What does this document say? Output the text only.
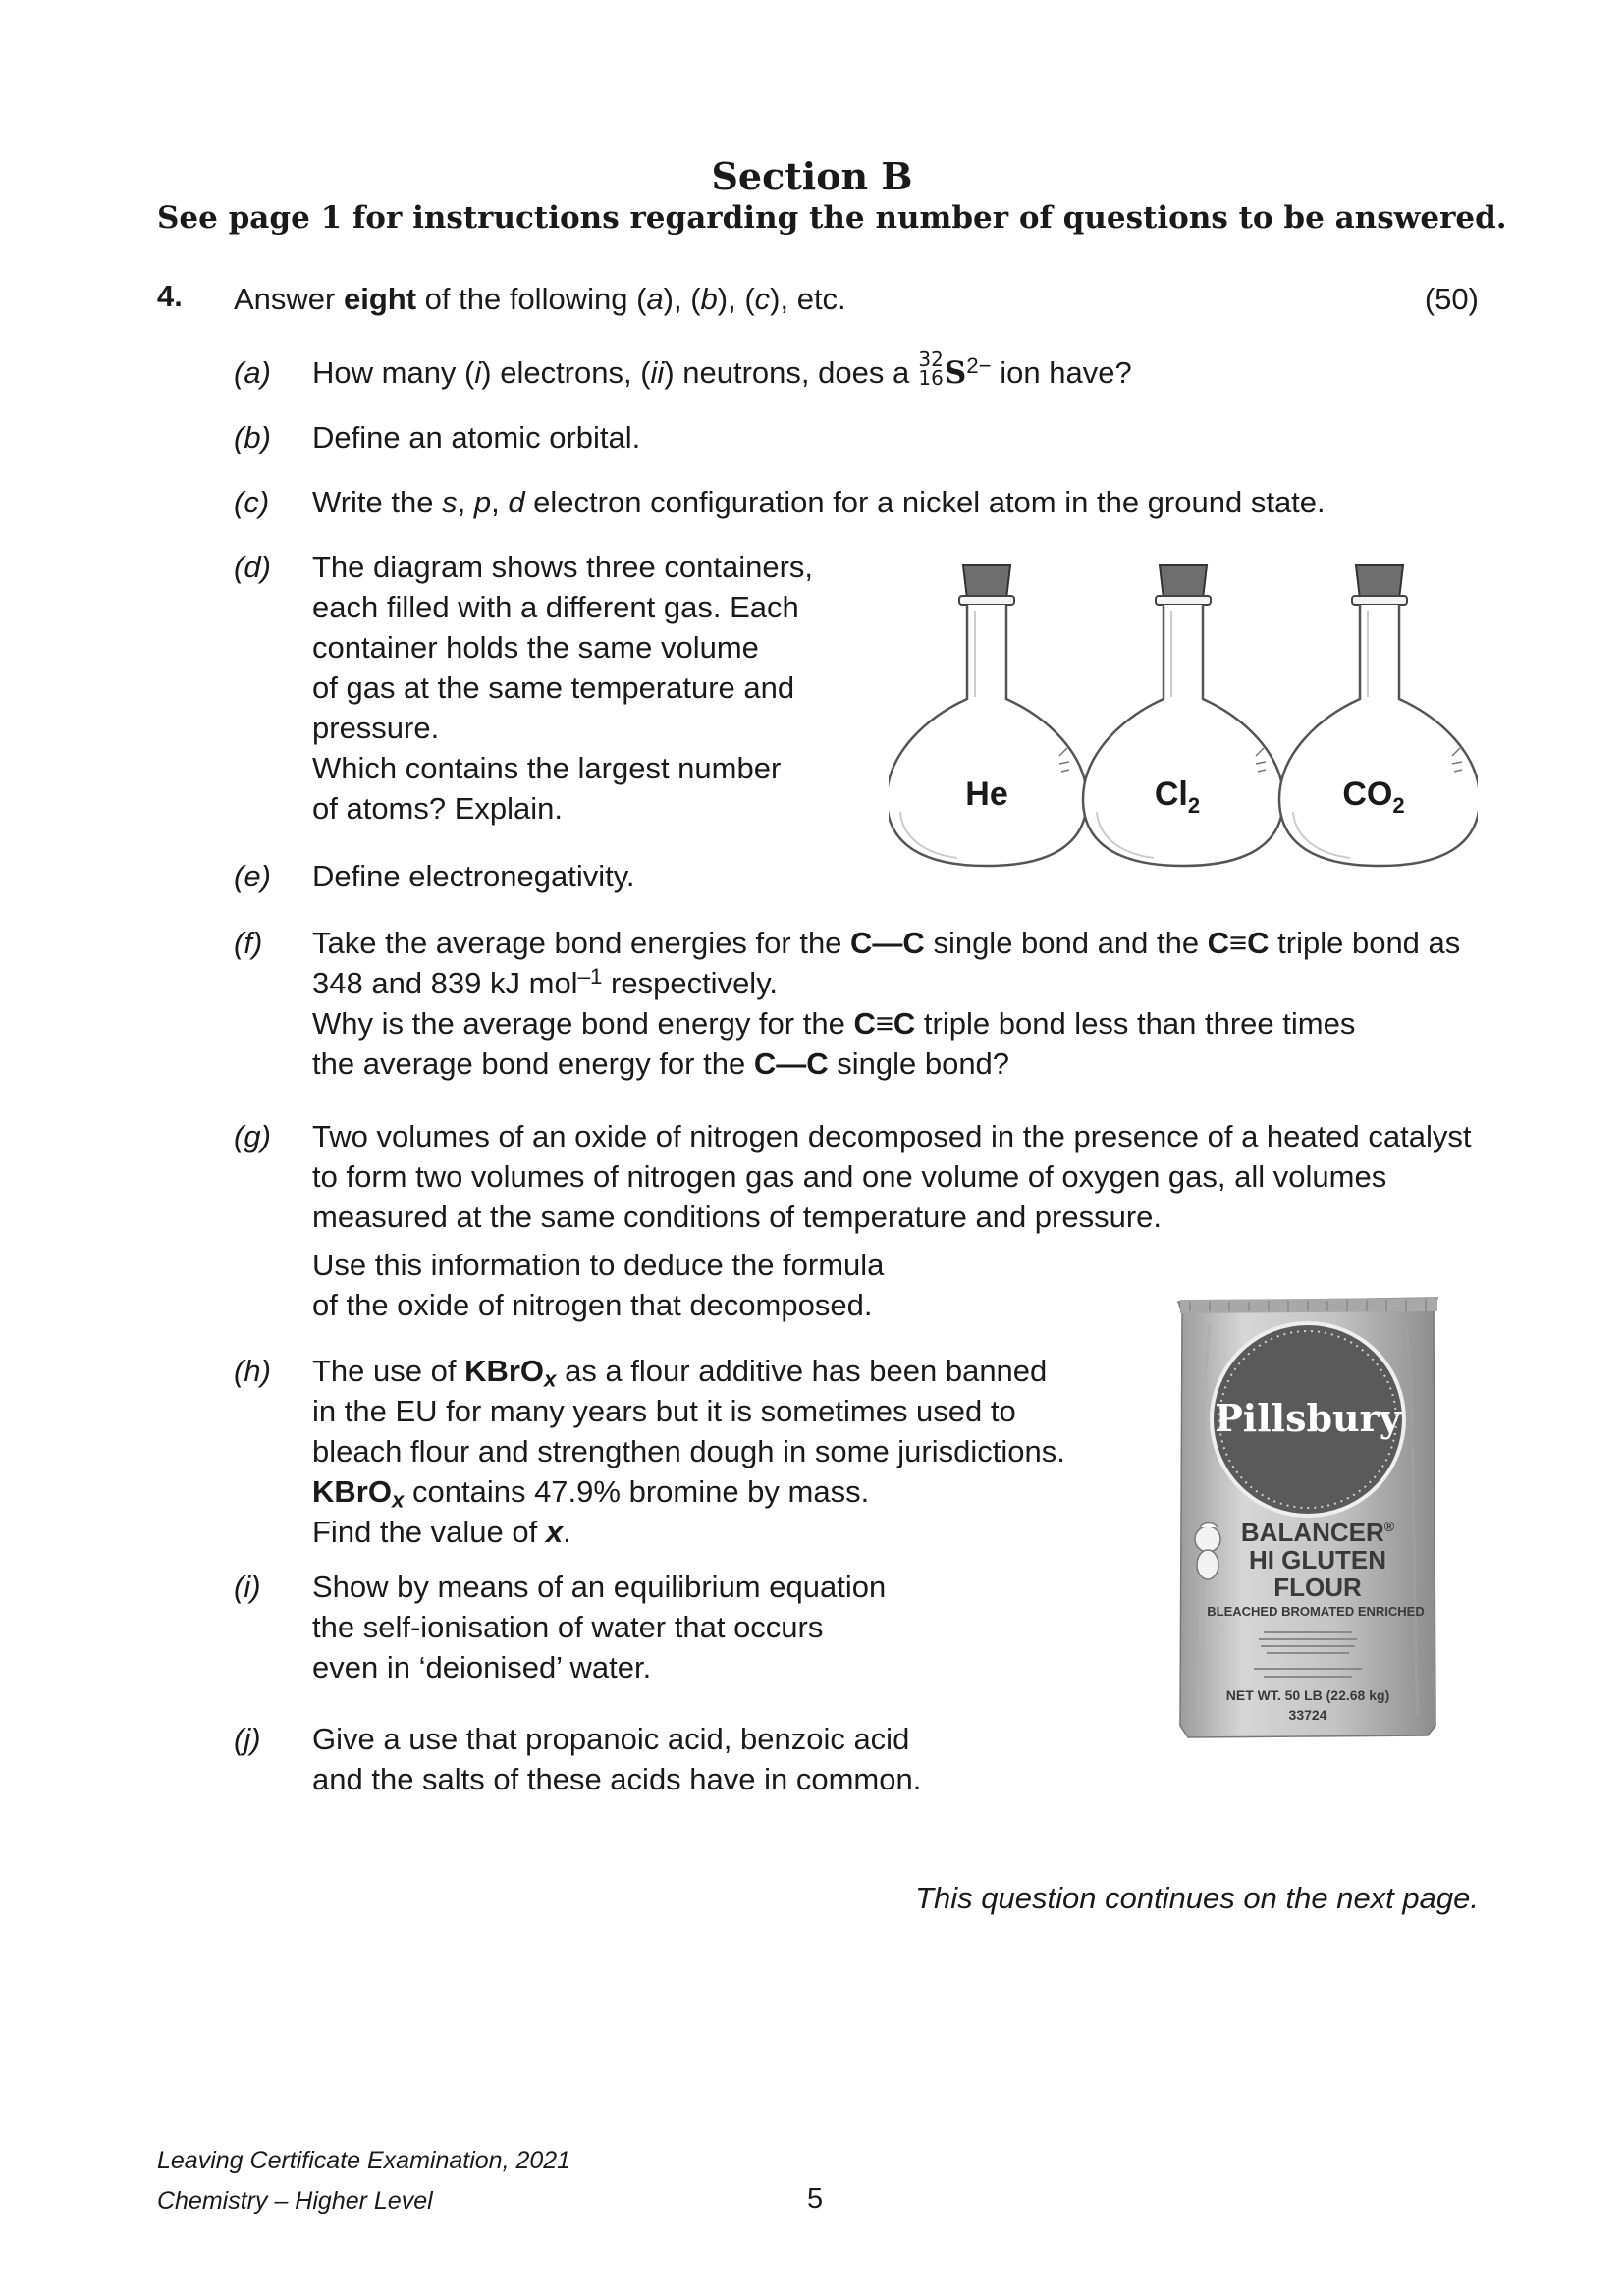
Section B
See page 1 for instructions regarding the number of questions to be answered.
4. Answer eight of the following (a), (b), (c), etc.	(50)
(a) How many (i) electrons, (ii) neutrons, does a 32
16 $S^{2-}$ ion have?
(b) Define an atomic orbital.
(c) Write the s, p, d electron configuration for a nickel atom in the ground state.
(d) The diagram shows three containers,
each filled with a different gas. Each
container holds the same volume
of gas at the same temperature and
pressure.
Which contains the largest number
of atoms? Explain.	He	$Cl_2$	$CO_2$
(e) Define electronegativity.
(f) Take the average bond energies for the C—C single bond and the C≡C triple bond as
348 and 839 kJ mol$^{-1}$ respectively.
Why is the average bond energy for the C≡C triple bond less than three times
the average bond energy for the C—C single bond?
(g) Two volumes of an oxide of nitrogen decomposed in the presence of a heated catalyst
to form two volumes of nitrogen gas and one volume of oxygen gas, all volumes
measured at the same conditions of temperature and pressure.
Use this information to deduce the formula
of the oxide of nitrogen that decomposed.
(h) The use of KBrO$_x$ as a flour additive has been banned
in the EU for many years but it is sometimes used to
bleach flour and strengthen dough in some jurisdictions.
KBrO$_x$ contains 47.9% bromine by mass.
Find the value of x.
Pillsbury
BALANCER®
HI GLUTEN
FLOUR
BLEACHED BROMATED ENRICHED
NET WT. 50 LB (22.68 kg)
33724
(i) Show by means of an equilibrium equation
the self-ionisation of water that occurs
even in ‘deionised’ water.
(j) Give a use that propanoic acid, benzoic acid
and the salts of these acids have in common.
This question continues on the next page.
Leaving Certificate Examination, 2021
Chemistry – Higher Level	5
